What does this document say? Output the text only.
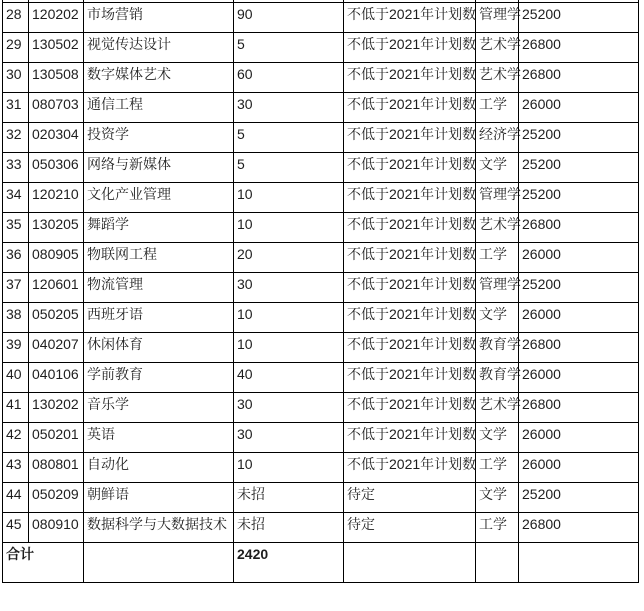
28	120202	市场营销	90	不低于2021年计划数	管理学	25200
29	130502	视觉传达设计	5	不低于2021年计划数	艺术学	26800
30	130508	数字媒体艺术	60	不低于2021年计划数	艺术学	26800
31	080703	通信工程	30	不低于2021年计划数	工学	26000
32	020304	投资学	5	不低于2021年计划数	经济学	25200
33	050306	网络与新媒体	5	不低于2021年计划数	文学	25200
34	120210	文化产业管理	10	不低于2021年计划数	管理学	25200
35	130205	舞蹈学	10	不低于2021年计划数	艺术学	26800
36	080905	物联网工程	20	不低于2021年计划数	工学	26000
37	120601	物流管理	30	不低于2021年计划数	管理学	25200
38	050205	西班牙语	10	不低于2021年计划数	文学	26000
39	040207	休闲体育	10	不低于2021年计划数	教育学	26800
40	040106	学前教育	40	不低于2021年计划数	教育学	26000
41	130202	音乐学	30	不低于2021年计划数	艺术学	26800
42	050201	英语	30	不低于2021年计划数	文学	26000
43	080801	自动化	10	不低于2021年计划数	工学	26000
44	050209	朝鲜语	未招	待定	文学	25200
45	080910	数据科学与大数据技术	未招	待定	工学	26800
合计			2420			
